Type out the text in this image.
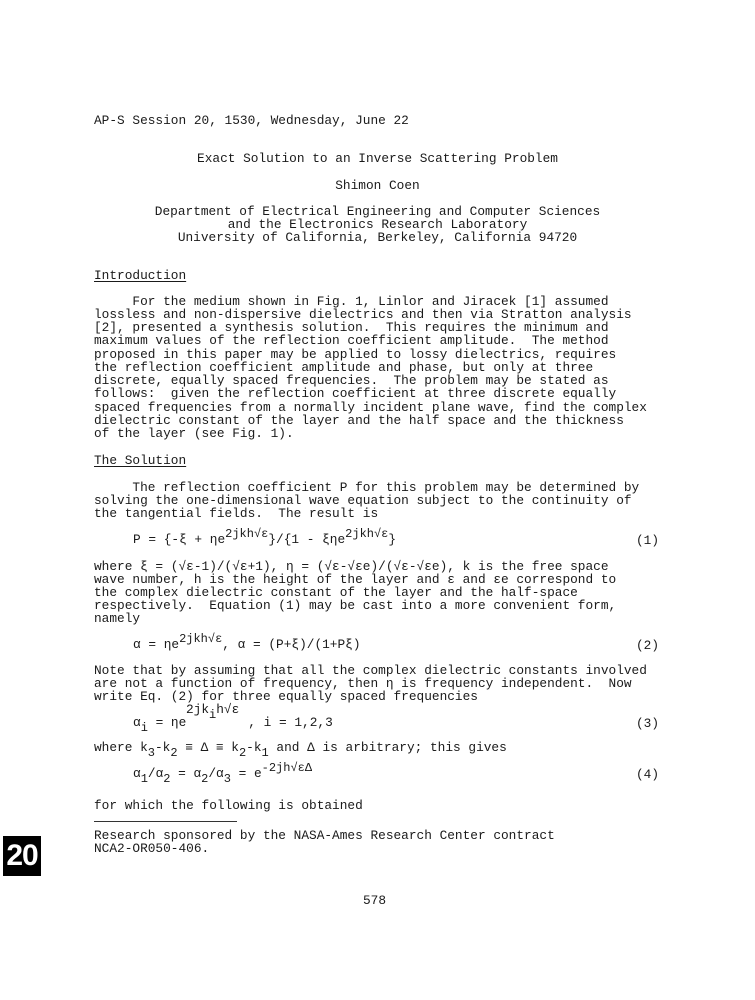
AP-S Session 20, 1530, Wednesday, June 22
Exact Solution to an Inverse Scattering Problem
Shimon Coen
Department of Electrical Engineering and Computer Sciences
and the Electronics Research Laboratory
University of California, Berkeley, California 94720
Introduction
For the medium shown in Fig. 1, Linlor and Jiracek [1] assumed
lossless and non-dispersive dielectrics and then via Stratton analysis
[2], presented a synthesis solution.  This requires the minimum and
maximum values of the reflection coefficient amplitude.  The method
proposed in this paper may be applied to lossy dielectrics, requires
the reflection coefficient amplitude and phase, but only at three
discrete, equally spaced frequencies.  The problem may be stated as
follows:  given the reflection coefficient at three discrete equally
spaced frequencies from a normally incident plane wave, find the complex
dielectric constant of the layer and the half space and the thickness
of the layer (see Fig. 1).
The Solution
The reflection coefficient P for this problem may be determined by
solving the one-dimensional wave equation subject to the continuity of
the tangential fields.  The result is
$P = \{-\xi + \eta e^{2jkh√\varepsilon}\}/\{1 - \xi\eta e^{2jkh√\varepsilon}\}$	(1)
where ξ = (√ε-1)/(√ε+1), η = (√ε-√εe)/(√ε-√εe), k is the free space
wave number, h is the height of the layer and ε and εe correspond to
the complex dielectric constant of the layer and the half-space
respectively.  Equation (1) may be cast into a more convenient form,
namely
$\alpha = \eta e^{2jkh√\varepsilon}$, α = (P+ξ)/(1+Pξ)	(2)
Note that by assuming that all the complex dielectric constants involved
are not a function of frequency, then η is frequency independent.  Now
write Eq. (2) for three equally spaced frequencies
$2jk_ih√\varepsilon$
$\alpha_i = \eta e$	, i = 1,2,3	(3)
where $k_3-k_2 \equiv \Delta \equiv k_2-k_1$ and Δ is arbitrary; this gives
$\alpha_1/\alpha_2 = \alpha_2/\alpha_3 = e^{-2jh√\varepsilon\Delta}$	(4)
for which the following is obtained
Research sponsored by the NASA-Ames Research Center contract
NCA2-OR050-406.
20
578
